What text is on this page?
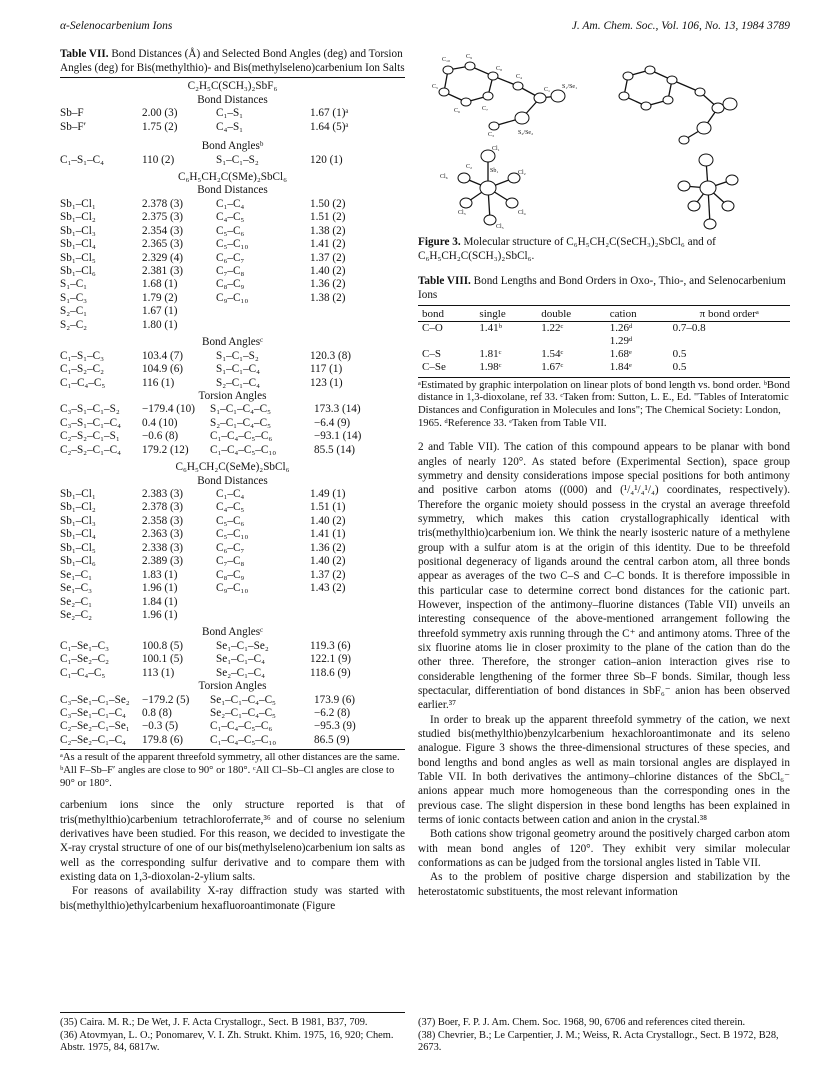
α-Selenocarbenium Ions	J. Am. Chem. Soc., Vol. 106, No. 13, 1984 3789
Table VII. Bond Distances (Å) and Selected Bond Angles (deg) and Torsion Angles (deg) for Bis(methylthio)- and Bis(methylseleno)carbenium Ion Salts
C₂H₅C(SCH₃)₂SbF₆
Bond Distances
Sb–F	2.00 (3)	C₁–S₁	1.67 (1)ᵃ
Sb–F′	1.75 (2)	C₄–S₁	1.64 (5)ᵃ
Bond Anglesᵇ
C₁–S₁–C₄	110 (2)	S₁–C₁–S₂	120 (1)
C₆H₅CH₂C(SMe)₂SbCl₆
Bond Distances
Sb₁–Cl₁	2.378 (3)	C₁–C₄	1.50 (2)
Sb₁–Cl₂	2.375 (3)	C₄–C₅	1.51 (2)
Sb₁–Cl₃	2.354 (3)	C₅–C₆	1.38 (2)
Sb₁–Cl₄	2.365 (3)	C₅–C₁₀	1.41 (2)
Sb₁–Cl₅	2.329 (4)	C₆–C₇	1.37 (2)
Sb₁–Cl₆	2.381 (3)	C₇–C₈	1.40 (2)
S₁–C₁	1.68 (1)	C₈–C₉	1.36 (2)
S₁–C₃	1.79 (2)	C₉–C₁₀	1.38 (2)
S₂–C₁	1.67 (1)
S₂–C₂	1.80 (1)
Bond Anglesᶜ
C₁–S₁–C₃	103.4 (7)	S₁–C₁–S₂	120.3 (8)
C₁–S₂–C₂	104.9 (6)	S₁–C₁–C₄	117 (1)
C₁–C₄–C₅	116 (1)	S₂–C₁–C₄	123 (1)
Torsion Angles
C₃–S₁–C₁–S₂	−179.4 (10)	S₁–C₁–C₄–C₅	173.3 (14)
C₃–S₁–C₁–C₄	0.4 (10)	S₂–C₁–C₄–C₅	−6.4 (9)
C₂–S₂–C₁–S₁	−0.6 (8)	C₁–C₄–C₅–C₆	−93.1 (14)
C₂–S₂–C₁–C₄	179.2 (12)	C₁–C₄–C₅–C₁₀	85.5 (14)
C₆H₅CH₂C(SeMe)₂SbCl₆
Bond Distances
Sb₁–Cl₁	2.383 (3)	C₁–C₄	1.49 (1)
Sb₁–Cl₂	2.378 (3)	C₄–C₅	1.51 (1)
Sb₁–Cl₃	2.358 (3)	C₅–C₆	1.40 (2)
Sb₁–Cl₄	2.363 (3)	C₅–C₁₀	1.41 (1)
Sb₁–Cl₅	2.338 (3)	C₆–C₇	1.36 (2)
Sb₁–Cl₆	2.389 (3)	C₇–C₈	1.40 (2)
Se₁–C₁	1.83 (1)	C₈–C₉	1.37 (2)
Se₁–C₃	1.96 (1)	C₉–C₁₀	1.43 (2)
Se₂–C₁	1.84 (1)
Se₂–C₂	1.96 (1)
Bond Anglesᶜ
C₁–Se₁–C₃	100.8 (5)	Se₁–C₁–Se₂	119.3 (6)
C₁–Se₂–C₂	100.1 (5)	Se₁–C₁–C₄	122.1 (9)
C₁–C₄–C₅	113 (1)	Se₂–C₁–C₄	118.6 (9)
Torsion Angles
C₃–Se₁–C₁–Se₂	−179.2 (5)	Se₁–C₁–C₄–C₅	173.9 (6)
C₃–Se₁–C₁–C₄	0.8 (8)	Se₂–C₁–C₄–C₅	−6.2 (8)
C₂–Se₂–C₁–Se₁	−0.3 (5)	C₁–C₄–C₅–C₆	−95.3 (9)
C₂–Se₂–C₁–C₄	179.8 (6)	C₁–C₄–C₅–C₁₀	86.5 (9)
ᵃAs a result of the apparent threefold symmetry, all other distances are the same. ᵇAll F–Sb–F′ angles are close to 90° or 180°. ᶜAll Cl–Sb–Cl angles are close to 90° or 180°.

carbenium ions since the only structure reported is that of tris(methylthio)carbenium tetrachloroferrate,³⁶ and of course no selenium derivatives have been studied. For this reason, we decided to investigate the X-ray crystal structure of one of our bis(methylseleno)carbenium ion salts as well as the corresponding sulfur derivative and to compare them with existing data on 1,3-dioxolan-2-ylium salts.

For reasons of availability X-ray diffraction study was started with bis(methylthio)ethylcarbenium hexafluoroantimonate (Figure

C₁₀	C₉
C₈
C₇
C₆
C₅
C₄
C₁ S₁/Se₁
S₂/Se₂
C₃
C₂
Sb₁
Cl₁
Cl₂
Cl₃	Cl₄
Cl₅
Cl₆
Figure 3. Molecular structure of C₆H₅CH₂C(SeCH₃)₂SbCl₆ and of C₆H₅CH₂C(SCH₃)₂SbCl₆.
Table VIII. Bond Lengths and Bond Orders in Oxo-, Thio-, and Selenocarbenium Ions
bond	single	double	cation	π bond orderᵃ
C–O	1.41ᵇ	1.22ᶜ	1.26ᵈ	0.7–0.8
			1.29ᵈ	
C–S	1.81ᶜ	1.54ᶜ	1.68ᵉ	0.5
C–Se	1.98ᶜ	1.67ᶜ	1.84ᵉ	0.5
ᵃEstimated by graphic interpolation on linear plots of bond length vs. bond order. ᵇBond distance in 1,3-dioxolane, ref 33. ᶜTaken from: Sutton, L. E., Ed. "Tables of Interatomic Distances and Configuration in Molecules and Ions"; The Chemical Society: London, 1965. ᵈReference 33. ᵉTaken from Table VII.

2 and Table VII). The cation of this compound appears to be planar with bond angles of nearly 120°. As stated before (Experimental Section), space group symmetry and density considerations impose special positions for both antimony and positive carbon atoms ((000) and (¹/₄¹/₄¹/₄) coordinates, respectively). Therefore the organic moiety should possess in the crystal an average threefold symmetry, which makes this cation crystallographically identical with tris(methylthio)carbenium ion. We think the nearly isosteric nature of a methylene group with a sulfur atom is at the origin of this identity. Due to be threefold positional degeneracy of ligands around the central carbon atom, all three bonds appear as averages of the two C–S and C–C bonds. It is therefore impossible in this particular case to determine correct bond distances for the cationic part. However, inspection of the antimony–fluorine distances (Table VII) unveils an interesting consequence of the above-mentioned arrangement following the threefold symmetry axis running through the C⁺ and antimony atoms. Three of the six fluorine atoms lie in closer proximity to the plane of the cation than do the other three. Therefore, the stronger cation–anion interaction gives rise to considerable lengthening of the former three Sb–F bonds. Similar, though less spectacular, differentiation of bond distances in SbF₆⁻ anion has been observed earlier.³⁷

In order to break up the apparent threefold symmetry of the cation, we next studied bis(methylthio)benzylcarbenium hexachloroantimonate and its seleno analogue. Figure 3 shows the three-dimensional structures of these species, and bond lengths and bond angles as well as main torsional angles are displayed in Table VII. In both derivatives the antimony–chlorine distances of the SbCl₆⁻ anions appear much more homogeneous than the corresponding ones in the previous case. The slight dispersion in these bond lengths has been explained in terms of ionic contacts between cation and anion in the crystal.³⁸

Both cations show trigonal geometry around the positively charged carbon atom with mean bond angles of 120°. They exhibit very similar molecular conformations as can be judged from the torsional angles listed in Table VII.

As to the problem of positive charge dispersion and stabilization by the heterostatomic substituents, the most relevant information

(35) Caira. M. R.; De Wet, J. F. Acta Crystallogr., Sect. B 1981, B37, 709.
(36) Atovmyan, L. O.; Ponomarev, V. I. Zh. Strukt. Khim. 1975, 16, 920; Chem. Abstr. 1975, 84, 6817w.
(37) Boer, F. P. J. Am. Chem. Soc. 1968, 90, 6706 and references cited therein.
(38) Chevrier, B.; Le Carpentier, J. M.; Weiss, R. Acta Crystallogr., Sect. B 1972, B28, 2673.
